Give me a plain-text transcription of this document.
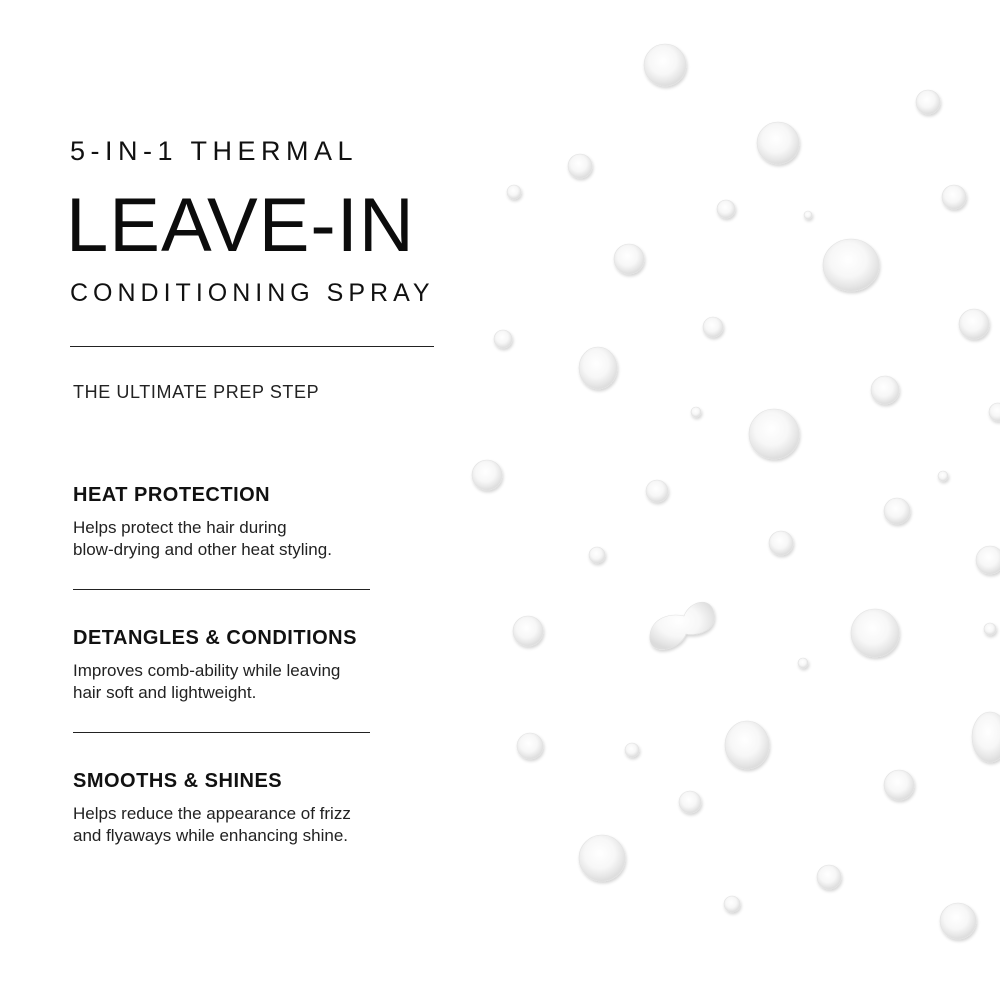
5-IN-1 THERMAL
LEAVE-IN
CONDITIONING SPRAY
THE ULTIMATE PREP STEP
HEAT PROTECTION
Helps protect the hair during
blow-drying and other heat styling.
DETANGLES & CONDITIONS
Improves comb-ability while leaving
hair soft and lightweight.
SMOOTHS & SHINES
Helps reduce the appearance of frizz
and flyaways while enhancing shine.
